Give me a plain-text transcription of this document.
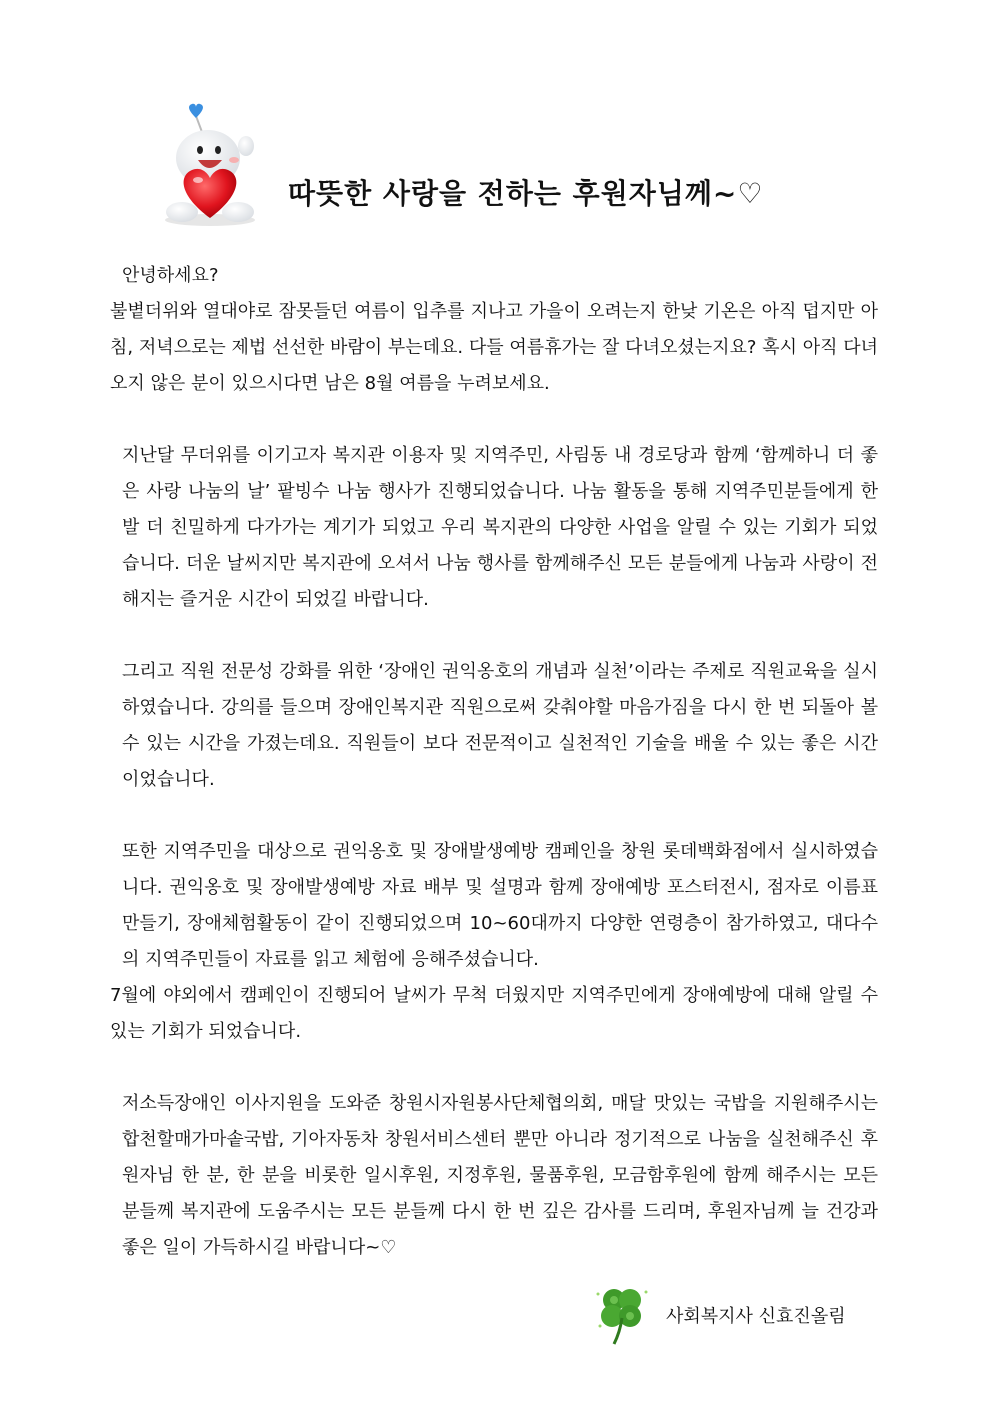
따뜻한 사랑을 전하는 후원자님께~♡

안녕하세요?

불볕더위와 열대야로 잠못들던 여름이 입추를 지나고 가을이 오려는지 한낮 기온은 아직 덥지만 아침, 저녁으로는 제법 선선한 바람이 부는데요. 다들 여름휴가는 잘 다녀오셨는지요? 혹시 아직 다녀오지 않은 분이 있으시다면 남은 8월 여름을 누려보세요.

지난달 무더위를 이기고자 복지관 이용자 및 지역주민, 사림동 내 경로당과 함께 ‘함께하니 더 좋은 사랑 나눔의 날’ 팥빙수 나눔 행사가 진행되었습니다. 나눔 활동을 통해 지역주민분들에게 한발 더 친밀하게 다가가는 계기가 되었고 우리 복지관의 다양한 사업을 알릴 수 있는 기회가 되었습니다. 더운 날씨지만 복지관에 오셔서 나눔 행사를 함께해주신 모든 분들에게 나눔과 사랑이 전해지는 즐거운 시간이 되었길 바랍니다.

그리고 직원 전문성 강화를 위한 ‘장애인 권익옹호의 개념과 실천’이라는 주제로 직원교육을 실시하였습니다. 강의를 들으며 장애인복지관 직원으로써 갖춰야할 마음가짐을 다시 한 번 되돌아 볼 수 있는 시간을 가졌는데요. 직원들이 보다 전문적이고 실천적인 기술을 배울 수 있는 좋은 시간이었습니다.

또한 지역주민을 대상으로 권익옹호 및 장애발생예방 캠페인을 창원 롯데백화점에서 실시하였습니다. 권익옹호 및 장애발생예방 자료 배부 및 설명과 함께 장애예방 포스터전시, 점자로 이름표 만들기, 장애체험활동이 같이 진행되었으며 10~60대까지 다양한 연령층이 참가하였고, 대다수의 지역주민들이 자료를 읽고 체험에 응해주셨습니다.

7월에 야외에서 캠페인이 진행되어 날씨가 무척 더웠지만 지역주민에게 장애예방에 대해 알릴 수 있는 기회가 되었습니다.

저소득장애인 이사지원을 도와준 창원시자원봉사단체협의회, 매달 맛있는 국밥을 지원해주시는 합천할매가마솥국밥, 기아자동차 창원서비스센터 뿐만 아니라 정기적으로 나눔을 실천해주신 후원자님 한 분, 한 분을 비롯한 일시후원, 지정후원, 물품후원, 모금함후원에 함께 해주시는 모든 분들께 복지관에 도움주시는 모든 분들께 다시 한 번 깊은 감사를 드리며, 후원자님께 늘 건강과 좋은 일이 가득하시길 바랍니다~♡

사회복지사 신효진올림
